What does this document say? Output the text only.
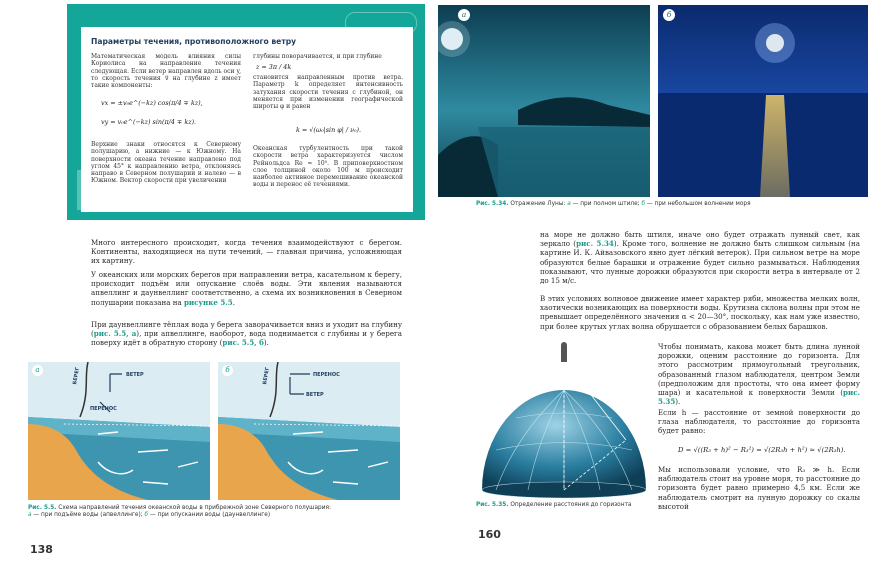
Параметры течения, противоположного ветру
Математическая модель влияния силы Кориолиса на направление течения следующая. Если ветер направлен вдоль оси y, то скорость течения v⃗ на глубине z имеет такие компоненты:
vx = ±v₀e^(−kz) cos(π/4 ∓ kz),
vy = v₀e^(−kz) sin(π/4 ∓ kz).
Верхние знаки относятся к Северному полушарию, а нижние — к Южному. На поверхности океана течение направлено под углом 45° к направлению ветра, отклоняясь направо в Северном полушарии и налево — в Южном. Вектор скорости при увеличении
глубины поворачивается, и при глубине
z = 3π / 4k
становится направленным против ветра. Параметр k определяет интенсивность затухания скорости течения с глубиной, он меняется при изменении географической широты φ и равен
k = √(ω₀|sin φ| / ν₀).
Океанская турбулентность при такой скорости ветра характеризуется числом Рейнольдса Re ≈ 10⁵. В приповерхностном слое толщиной около 100 м происходит наиболее активное перемешивание океанской воды и перенос её течениями.
Много интересного происходит, когда течения взаимодействуют с берегом. Континенты, находящиеся на пути течений, — главная причина, усложняющая их картину.
У океанских или морских берегов при направлении ветра, касательном к берегу, происходит подъём или опускание слоёв воды. Эти явления называются апвеллинг и даунвеллинг соответственно, а схема их возникновения в Северном полушарии показана на рисунке 5.5.
При даунвеллинге тёплая вода у берега заворачивается вниз и уходит на глубину (рис. 5.5, а), при апвеллинге, наоборот, вода поднимается с глубины и у берега поверху идёт в обратную сторону (рис. 5.5, б).
а
ВЕТЕР
ПЕРЕНОС
БЕРЕГ	б
ПЕРЕНОС
ВЕТЕР
БЕРЕГ
Рис. 5.5. Схема направлений течения океанской воды в прибрежной зоне Северного полушария:
а — при подъёме воды (апвеллинге); б — при опускании воды (даунвеллинге)
138
а	б
Рис. 5.34. Отражение Луны: а — при полном штиле; б — при небольшом волнении моря
на море не должно быть штиля, иначе оно будет отражать лунный свет, как зеркало (рис. 5.34). Кроме того, волнение не должно быть слишком сильным (на картине И. К. Айвазовского явно дует лёгкий ветерок). При сильном ветре на море образуются белые барашки и отражение будет сильно размываться. Наблюдения показывают, что лунные дорожки образуются при скорости ветра в интервале от 2 до 15 м/с.
В этих условиях волновое движение имеет характер ряби, множества мелких волн, хаотически возникающих на поверхности воды. Крутизна склона волны при этом не превышает определённого значения α < 20—30°, поскольку, как нам уже известно, при более крутых углах волна обрушается с образованием белых барашков.
Рис. 5.35. Определение расстояния до горизонта
Чтобы понимать, какова может быть длина лунной дорожки, оценим расстояние до горизонта. Для этого рассмотрим прямоугольный треугольник, образованный глазом наблюдателя, центром Земли (предположим для простоты, что она имеет форму шара) и касательной к поверхности Земли (рис. 5.35).
Если h — расстояние от земной поверхности до глаза наблюдателя, то расстояние до горизонта будет равно:
D = √((R₃ + h)² − R₃²) = √(2R₃h + h²) ≈ √(2R₃h).
Мы использовали условие, что R₃ ≫ h. Если наблюдатель стоит на уровне моря, то расстояние до горизонта будет равно примерно 4,5 км. Если же наблюдатель смотрит на лунную дорожку со скалы высотой
160
